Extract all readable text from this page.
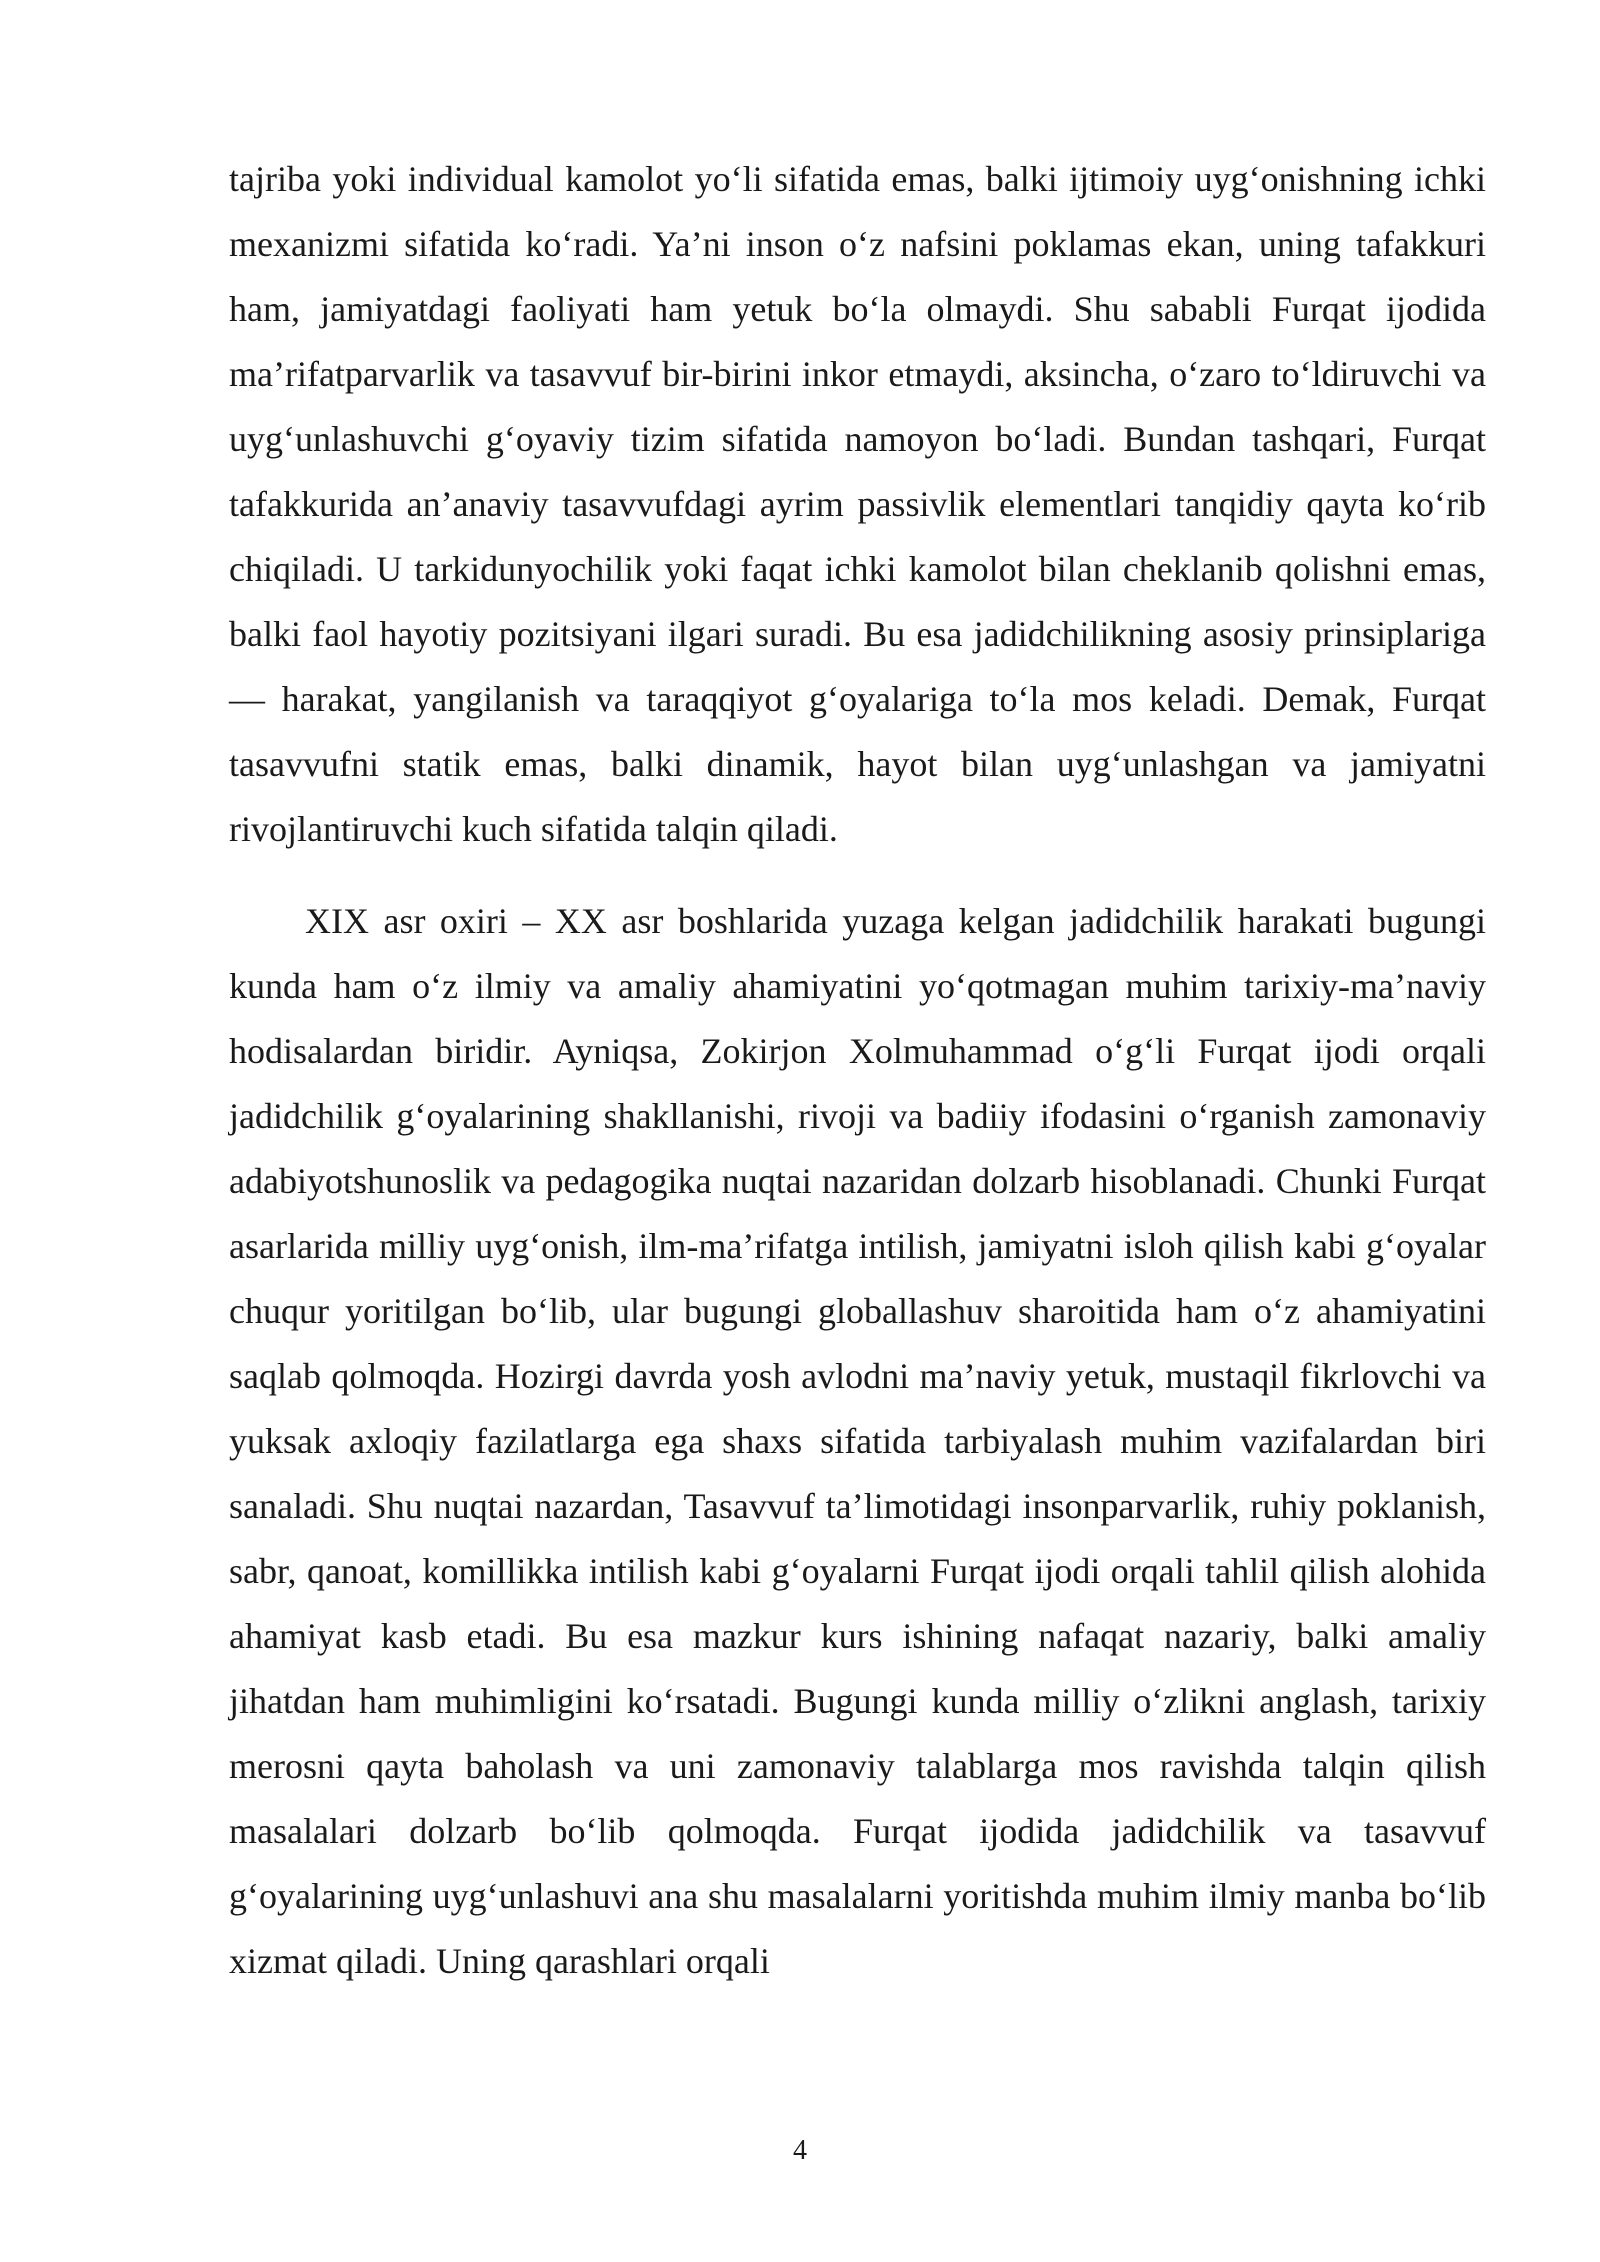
tajriba yoki individual kamolot yo‘li sifatida emas, balki ijtimoiy uyg‘onishning ichki mexanizmi sifatida ko‘radi. Ya’ni inson o‘z nafsini poklamas ekan, uning tafakkuri ham, jamiyatdagi faoliyati ham yetuk bo‘la olmaydi. Shu sababli Furqat ijodida ma’rifatparvarlik va tasavvuf bir-birini inkor etmaydi, aksincha, o‘zaro to‘ldiruvchi va uyg‘unlashuvchi g‘oyaviy tizim sifatida namoyon bo‘ladi. Bundan tashqari, Furqat tafakkurida an’anaviy tasavvufdagi ayrim passivlik elementlari tanqidiy qayta ko‘rib chiqiladi. U tarkidunyochilik yoki faqat ichki kamolot bilan cheklanib qolishni emas, balki faol hayotiy pozitsiyani ilgari suradi. Bu esa jadidchilikning asosiy prinsiplariga — harakat, yangilanish va taraqqiyot g‘oyalariga to‘la mos keladi. Demak, Furqat tasavvufni statik emas, balki dinamik, hayot bilan uyg‘unlashgan va jamiyatni rivojlantiruvchi kuch sifatida talqin qiladi.

XIX asr oxiri – XX asr boshlarida yuzaga kelgan jadidchilik harakati bugungi kunda ham o‘z ilmiy va amaliy ahamiyatini yo‘qotmagan muhim tarixiy-ma’naviy hodisalardan biridir. Ayniqsa, Zokirjon Xolmuhammad o‘g‘li Furqat ijodi orqali jadidchilik g‘oyalarining shakllanishi, rivoji va badiiy ifodasini o‘rganish zamonaviy adabiyotshunoslik va pedagogika nuqtai nazaridan dolzarb hisoblanadi. Chunki Furqat asarlarida milliy uyg‘onish, ilm-ma’rifatga intilish, jamiyatni isloh qilish kabi g‘oyalar chuqur yoritilgan bo‘lib, ular bugungi globallashuv sharoitida ham o‘z ahamiyatini saqlab qolmoqda. Hozirgi davrda yosh avlodni ma’naviy yetuk, mustaqil fikrlovchi va yuksak axloqiy fazilatlarga ega shaxs sifatida tarbiyalash muhim vazifalardan biri sanaladi. Shu nuqtai nazardan, Tasavvuf ta’limotidagi insonparvarlik, ruhiy poklanish, sabr, qanoat, komillikka intilish kabi g‘oyalarni Furqat ijodi orqali tahlil qilish alohida ahamiyat kasb etadi. Bu esa mazkur kurs ishining nafaqat nazariy, balki amaliy jihatdan ham muhimligini ko‘rsatadi. Bugungi kunda milliy o‘zlikni anglash, tarixiy merosni qayta baholash va uni zamonaviy talablarga mos ravishda talqin qilish masalalari dolzarb bo‘lib qolmoqda. Furqat ijodida jadidchilik va tasavvuf g‘oyalarining uyg‘unlashuvi ana shu masalalarni yoritishda muhim ilmiy manba bo‘lib xizmat qiladi. Uning qarashlari orqali

4
